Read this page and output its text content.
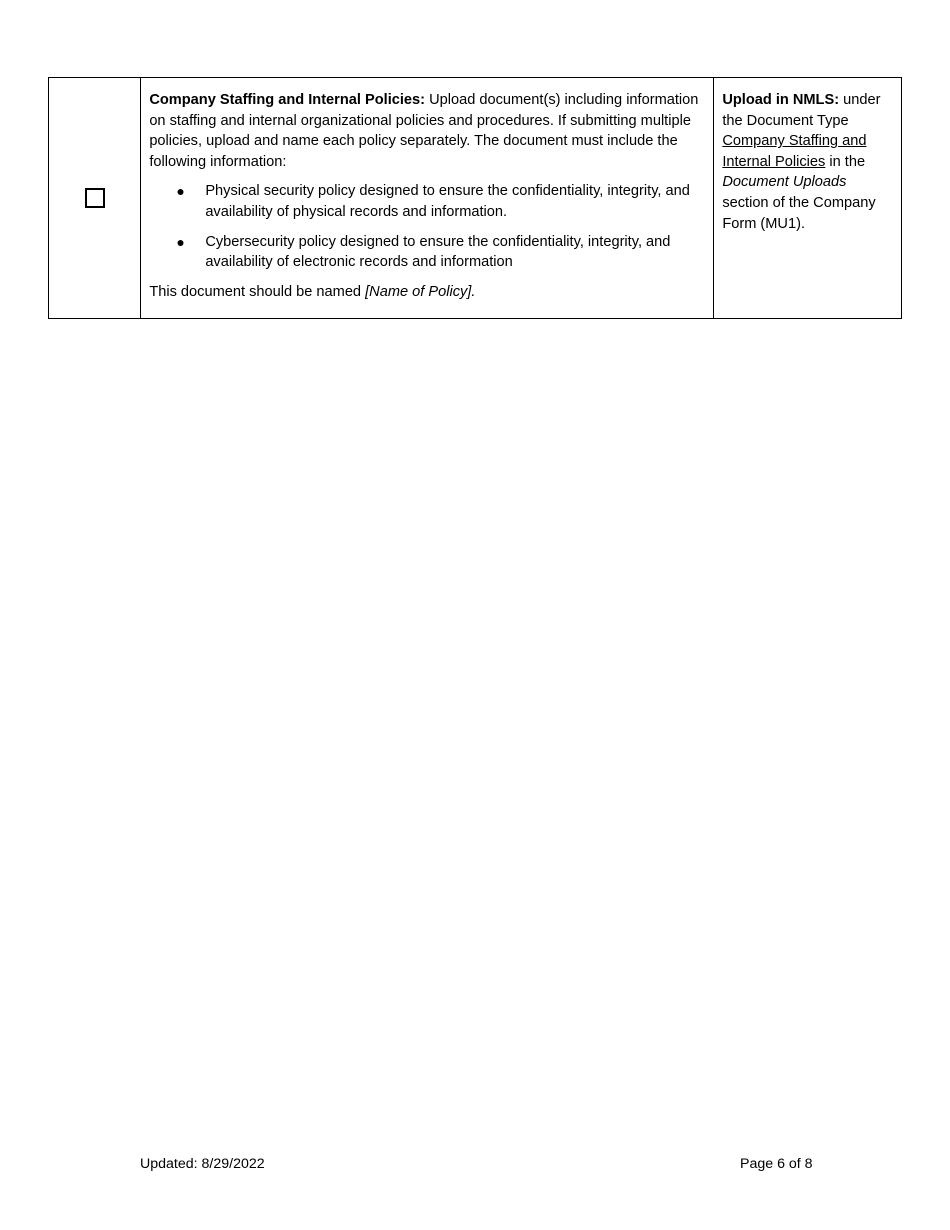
Company Staffing and Internal Policies: Upload document(s) including information on staffing and internal organizational policies and procedures. If submitting multiple policies, upload and name each policy separately. The document must include the following information:

● Physical security policy designed to ensure the confidentiality, integrity, and availability of physical records and information.
● Cybersecurity policy designed to ensure the confidentiality, integrity, and availability of electronic records and information

This document should be named [Name of Policy].

Upload in NMLS: under the Document Type Company Staffing and Internal Policies in the Document Uploads section of the Company Form (MU1).

Updated: 8/29/2022	Page 6 of 8
